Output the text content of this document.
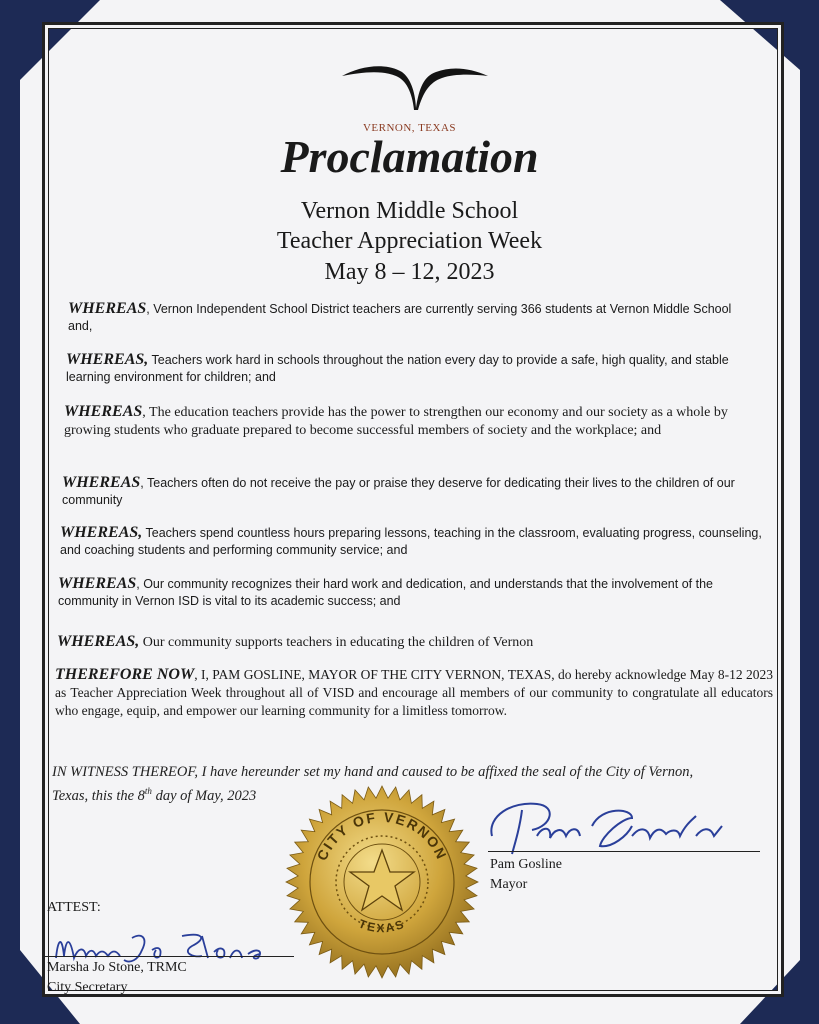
VERNON, TEXAS
Proclamation
Vernon Middle School
Teacher Appreciation Week
May 8 – 12, 2023
WHEREAS, Vernon Independent School District teachers are currently serving 366 students at Vernon Middle School and,
WHEREAS, Teachers work hard in schools throughout the nation every day to provide a safe, high quality, and stable learning environment for children; and
WHEREAS, The education teachers provide has the power to strengthen our economy and our society as a whole by growing students who graduate prepared to become successful members of society and the workplace; and
WHEREAS, Teachers often do not receive the pay or praise they deserve for dedicating their lives to the children of our community
WHEREAS, Teachers spend countless hours preparing lessons, teaching in the classroom, evaluating progress, counseling, and coaching students and performing community service; and
WHEREAS, Our community recognizes their hard work and dedication, and understands that the involvement of the community in Vernon ISD is vital to its academic success; and
WHEREAS, Our community supports teachers in educating the children of Vernon
THEREFORE NOW, I, PAM GOSLINE, MAYOR OF THE CITY VERNON, TEXAS, do hereby acknowledge May 8-12 2023 as Teacher Appreciation Week throughout all of VISD and encourage all members of our community to congratulate all educators who engage, equip, and empower our learning community for a limitless tomorrow.
IN WITNESS THEREOF, I have hereunder set my hand and caused to be affixed the seal of the City of Vernon,
Texas, this the 8th day of May, 2023
CITY OF VERNON
TEXAS
Pam Gosline
Mayor
ATTEST:
Marsha Jo Stone, TRMC
City Secretary
